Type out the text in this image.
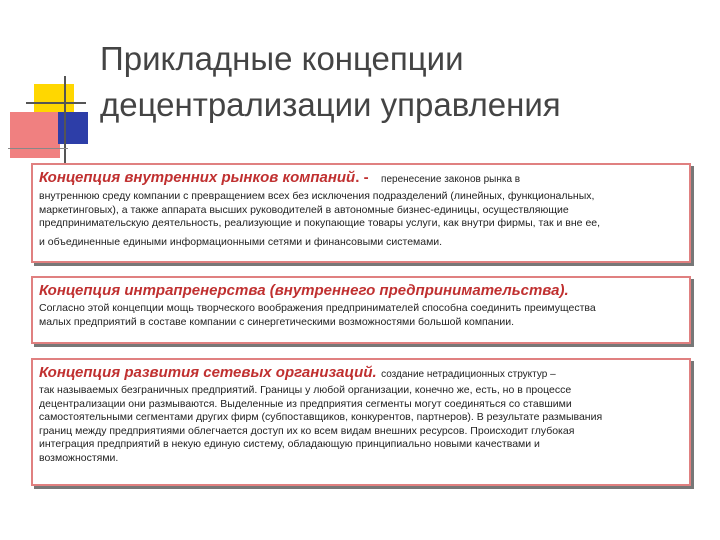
Прикладные концепции
децентрализации управления
Концепция внутренних рынков компаний. - перенесение законов рынка в
внутреннюю среду компании с превращением всех без исключения подразделений (линейных, функциональных,
маркетинговых), а также аппарата высших руководителей в автономные бизнес-единицы, осуществляющие
предпринимательскую деятельность, реализующие и покупающие товары услуги, как внутри фирмы, так и вне ее,
и объединенные едиными информационными сетями и финансовыми системами.
Концепция интрапренерства (внутреннего предпринимательства).
Согласно этой концепции мощь творческого воображения предпринимателей способна соединить преимущества
малых предприятий в составе компании с синергетическими возможностями большой компании.
Концепция развития сетевых организаций. создание нетрадиционных структур –
так называемых безграничных предприятий. Границы у любой организации, конечно же, есть, но в процессе
децентрализации они размываются. Выделенные из предприятия сегменты могут соединяться со ставшими
самостоятельными сегментами других фирм (субпоставщиков, конкурентов, партнеров). В результате размывания
границ между предприятиями облегчается доступ их ко всем видам внешних ресурсов. Происходит глубокая
интеграция предприятий в некую единую систему, обладающую принципиально новыми качествами и
возможностями.
